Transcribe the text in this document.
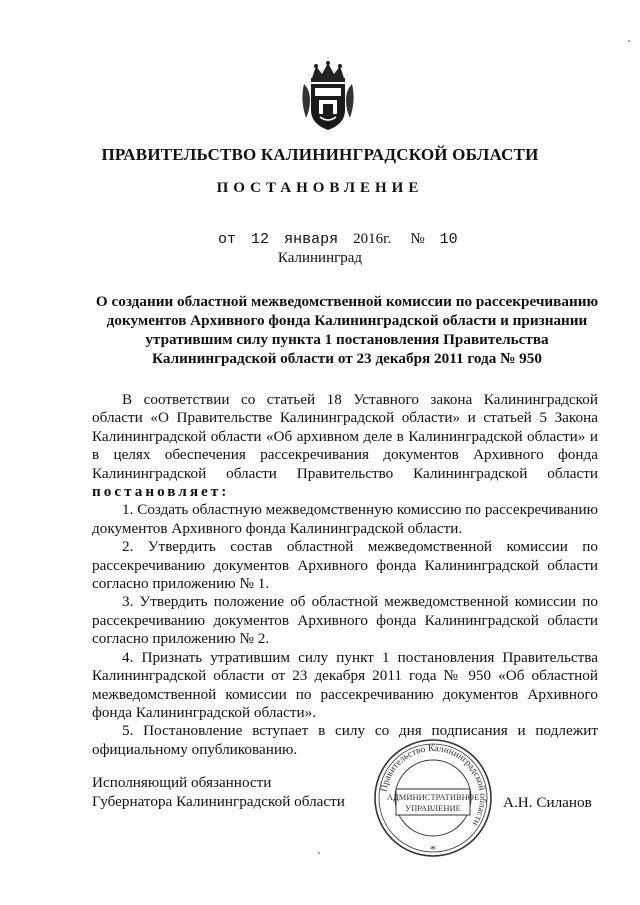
ПРАВИТЕЛЬСТВО КАЛИНИНГРАДСКОЙ ОБЛАСТИ
ПОСТАНОВЛЕНИЕ
от 12 января 2016г. № 10
Калининград
О создании областной межведомственной комиссии по рассекречиванию документов Архивного фонда Калининградской области и признании утратившим силу пункта 1 постановления Правительства Калининградской области от 23 декабря 2011 года № 950

В соответствии со статьей 18 Уставного закона Калининградской области «О Правительстве Калининградской области» и статьей 5 Закона Калининградской области «Об архивном деле в Калининградской области» и в целях обеспечения рассекречивания документов Архивного фонда Калининградской области Правительство Калининградской области постановляет:

1. Создать областную межведомственную комиссию по рассекречиванию документов Архивного фонда Калининградской области.

2. Утвердить состав областной межведомственной комиссии по рассекречиванию документов Архивного фонда Калининградской области согласно приложению № 1.

3. Утвердить положение об областной межведомственной комиссии по рассекречиванию документов Архивного фонда Калининградской области согласно приложению № 2.

4. Признать утратившим силу пункт 1 постановления Правительства Калининградской области от 23 декабря 2011 года № 950 «Об областной межведомственной комиссии по рассекречиванию документов Архивного фонда Калининградской области».

5. Постановление вступает в силу со дня подписания и подлежит официальному опубликованию.

Исполняющий обязанности
Губернатора Калининградской области
Правительство Калининградской области
АДМИНИСТРАТИВНОЕ
УПРАВЛЕНИЕ
*
А.Н. Силанов
